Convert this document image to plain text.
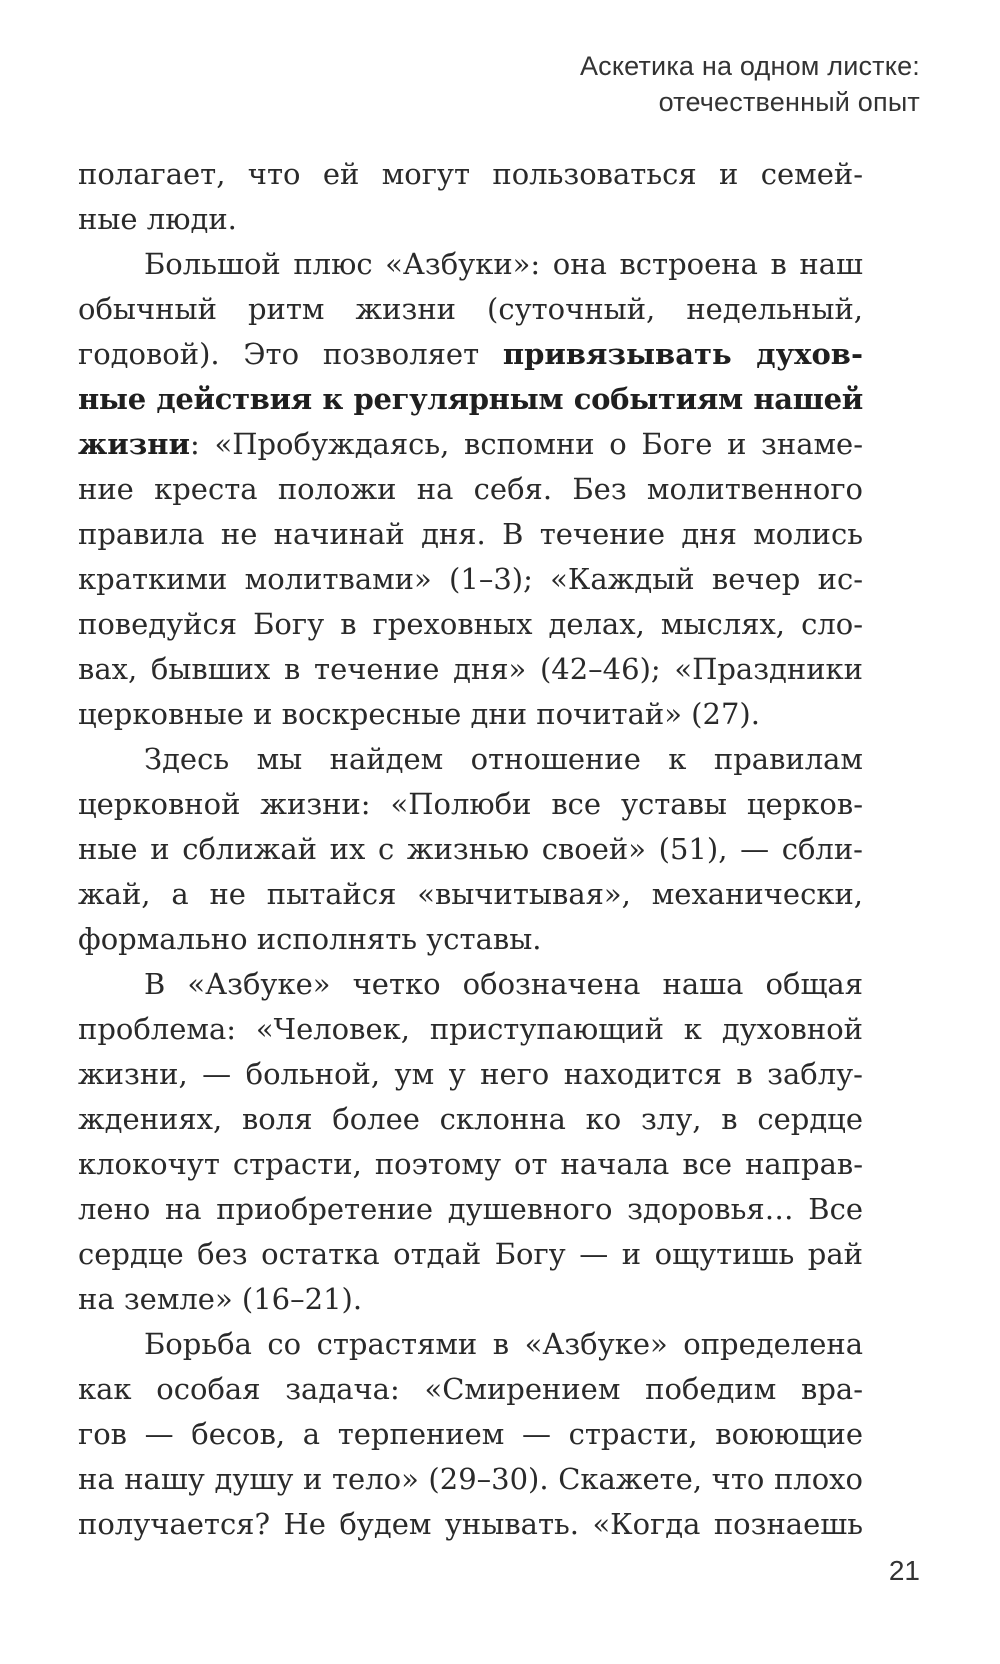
Аскетика на одном листке:
отечественный опыт
полагает, что ей могут пользоваться и семей-
ные люди.
Большой плюс «Азбуки»: она встроена в наш
обычный ритм жизни (суточный, недельный,
годовой). Это позволяет привязывать духов-
ные действия к регулярным событиям нашей
жизни: «Пробуждаясь, вспомни о Боге и знаме-
ние креста положи на себя. Без молитвенного
правила не начинай дня. В течение дня молись
краткими молитвами» (1–3); «Каждый вечер ис-
поведуйся Богу в греховных делах, мыслях, сло-
вах, бывших в течение дня» (42–46); «Праздники
церковные и воскресные дни почитай» (27).
Здесь мы найдем отношение к правилам
церковной жизни: «Полюби все уставы церков-
ные и сближай их с жизнью своей» (51), — сбли-
жай, а не пытайся «вычитывая», механически,
формально исполнять уставы.
В «Азбуке» четко обозначена наша общая
проблема: «Человек, приступающий к духовной
жизни, — больной, ум у него находится в заблу-
ждениях, воля более склонна ко злу, в сердце
клокочут страсти, поэтому от начала все направ-
лено на приобретение душевного здоровья… Все
сердце без остатка отдай Богу — и ощутишь рай
на земле» (16–21).
Борьба со страстями в «Азбуке» определена
как особая задача: «Смирением победим вра-
гов — бесов, а терпением — страсти, воюющие
на нашу душу и тело» (29–30). Скажете, что плохо
получается? Не будем унывать. «Когда познаешь
21
